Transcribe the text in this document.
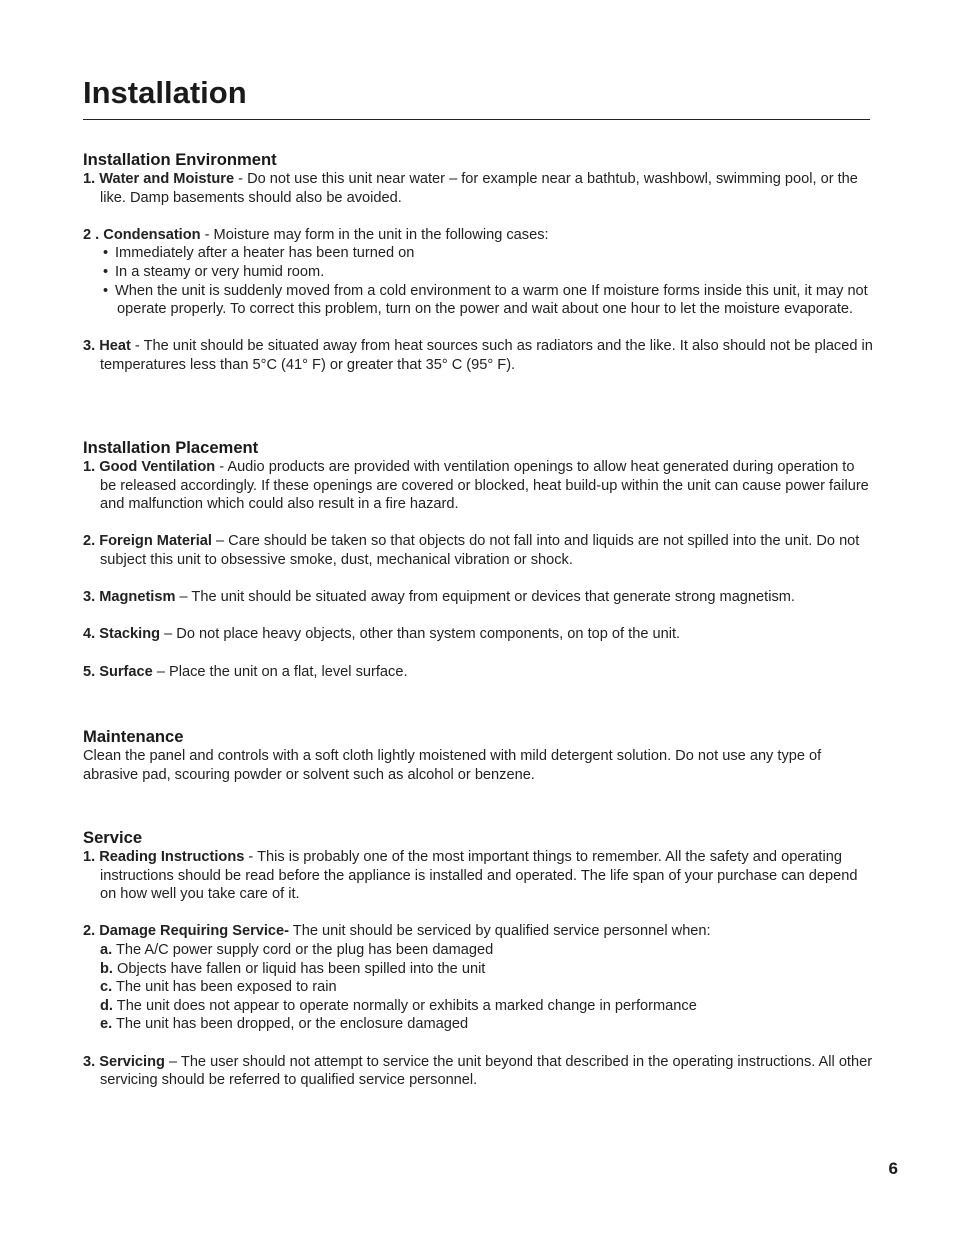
Installation
Installation Environment

1. Water and Moisture - Do not use this unit near water – for example near a bathtub, washbowl, swimming pool, or the like. Damp basements should also be avoided.

2 . Condensation - Moisture may form in the unit in the following cases:

• Immediately after a heater has been turned on
• In a steamy or very humid room.
• When the unit is suddenly moved from a cold environment to a warm one If moisture forms inside this unit, it may not operate properly. To correct this problem, turn on the power and wait about one hour to let the moisture evaporate.

3. Heat - The unit should be situated away from heat sources such as radiators and the like. It also should not be placed in temperatures less than 5°C (41° F) or greater that 35° C (95° F).

Installation Placement

1. Good Ventilation - Audio products are provided with ventilation openings to allow heat generated during operation to be released accordingly. If these openings are covered or blocked, heat build-up within the unit can cause power failure and malfunction which could also result in a fire hazard.

2. Foreign Material – Care should be taken so that objects do not fall into and liquids are not spilled into the unit. Do not subject this unit to obsessive smoke, dust, mechanical vibration or shock.

3. Magnetism – The unit should be situated away from equipment or devices that generate strong magnetism.

4. Stacking – Do not place heavy objects, other than system components, on top of the unit.

5. Surface – Place the unit on a flat, level surface.

Maintenance

Clean the panel and controls with a soft cloth lightly moistened with mild detergent solution. Do not use any type of abrasive pad, scouring powder or solvent such as alcohol or benzene.

Service

1. Reading Instructions - This is probably one of the most important things to remember. All the safety and operating instructions should be read before the appliance is installed and operated. The life span of your purchase can depend on how well you take care of it.

2. Damage Requiring Service- The unit should be serviced by qualified service personnel when:

a. The A/C power supply cord or the plug has been damaged

b. Objects have fallen or liquid has been spilled into the unit

c. The unit has been exposed to rain

d. The unit does not appear to operate normally or exhibits a marked change in performance

e. The unit has been dropped, or the enclosure damaged

3. Servicing – The user should not attempt to service the unit beyond that described in the operating instructions. All other servicing should be referred to qualified service personnel.

6
